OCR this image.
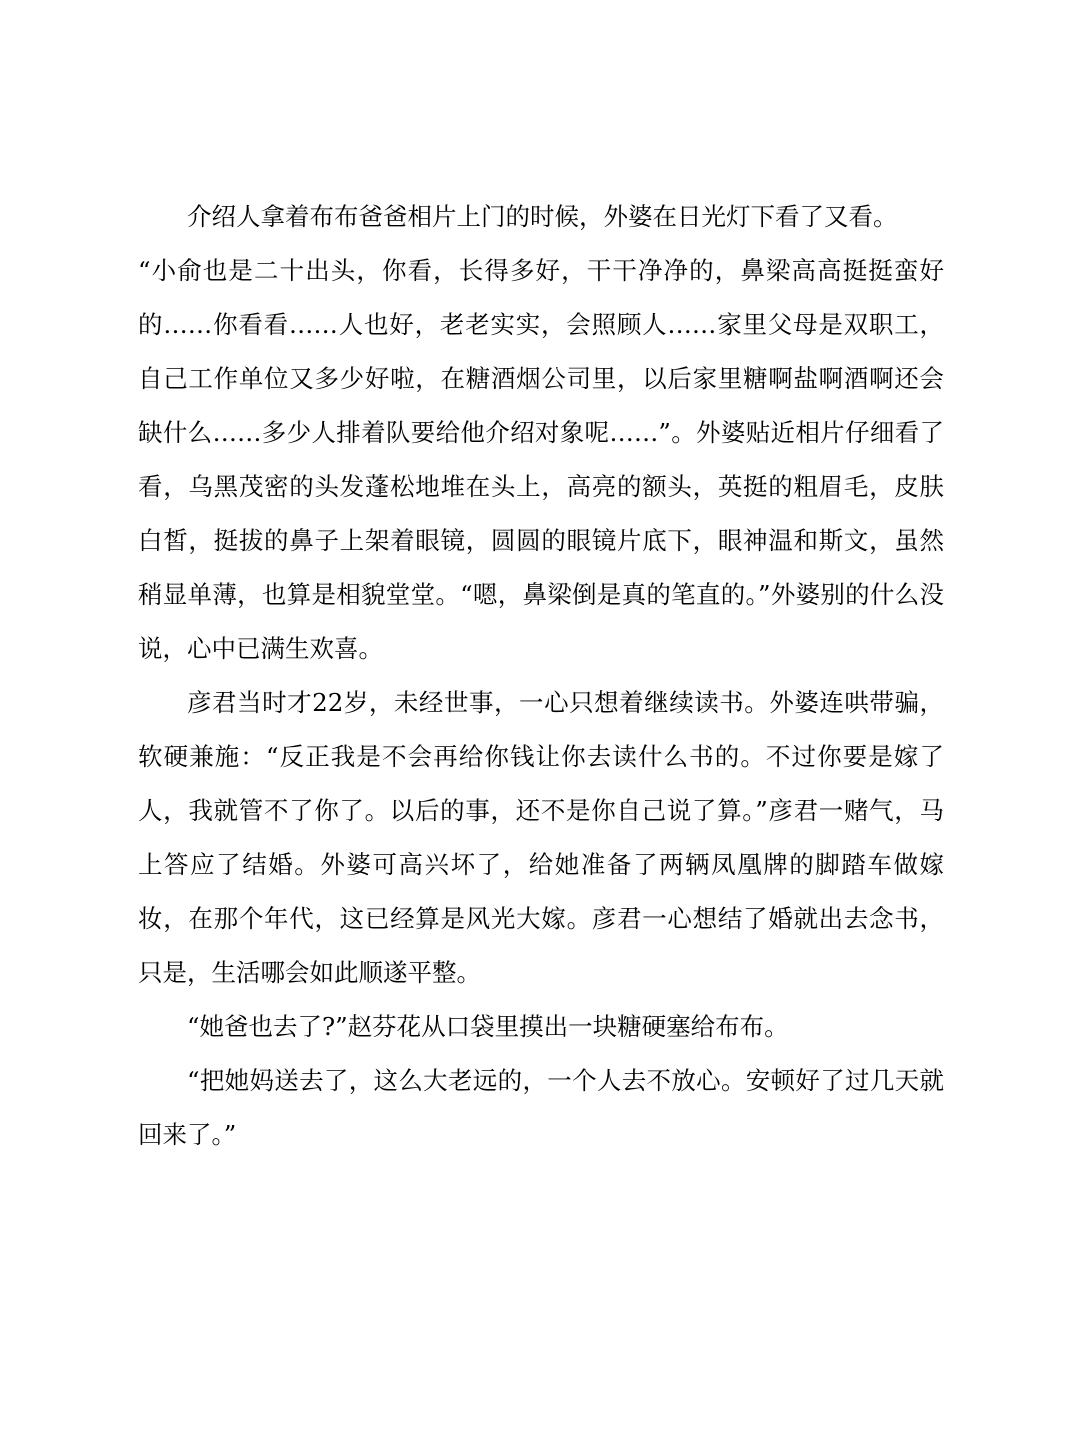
介绍人拿着布布爸爸相片上门的时候，外婆在日光灯下看了又看。

“小俞也是二十出头，你看，长得多好，干干净净的，鼻梁高高挺挺蛮好的……你看看……人也好，老老实实，会照顾人……家里父母是双职工，自己工作单位又多少好啦，在糖酒烟公司里，以后家里糖啊盐啊酒啊还会缺什么……多少人排着队要给他介绍对象呢……”。外婆贴近相片仔细看了看，乌黑茂密的头发蓬松地堆在头上，高亮的额头，英挺的粗眉毛，皮肤白皙，挺拔的鼻子上架着眼镜，圆圆的眼镜片底下，眼神温和斯文，虽然稍显单薄，也算是相貌堂堂。“嗯，鼻梁倒是真的笔直的。”外婆别的什么没说，心中已满生欢喜。

彦君当时才22岁，未经世事，一心只想着继续读书。外婆连哄带骗，软硬兼施：“反正我是不会再给你钱让你去读什么书的。不过你要是嫁了人，我就管不了你了。以后的事，还不是你自己说了算。”彦君一赌气，马上答应了结婚。外婆可高兴坏了，给她准备了两辆凤凰牌的脚踏车做嫁妆，在那个年代，这已经算是风光大嫁。彦君一心想结了婚就出去念书，只是，生活哪会如此顺遂平整。

“她爸也去了?”赵芬花从口袋里摸出一块糖硬塞给布布。

“把她妈送去了，这么大老远的，一个人去不放心。安顿好了过几天就回来了。”
